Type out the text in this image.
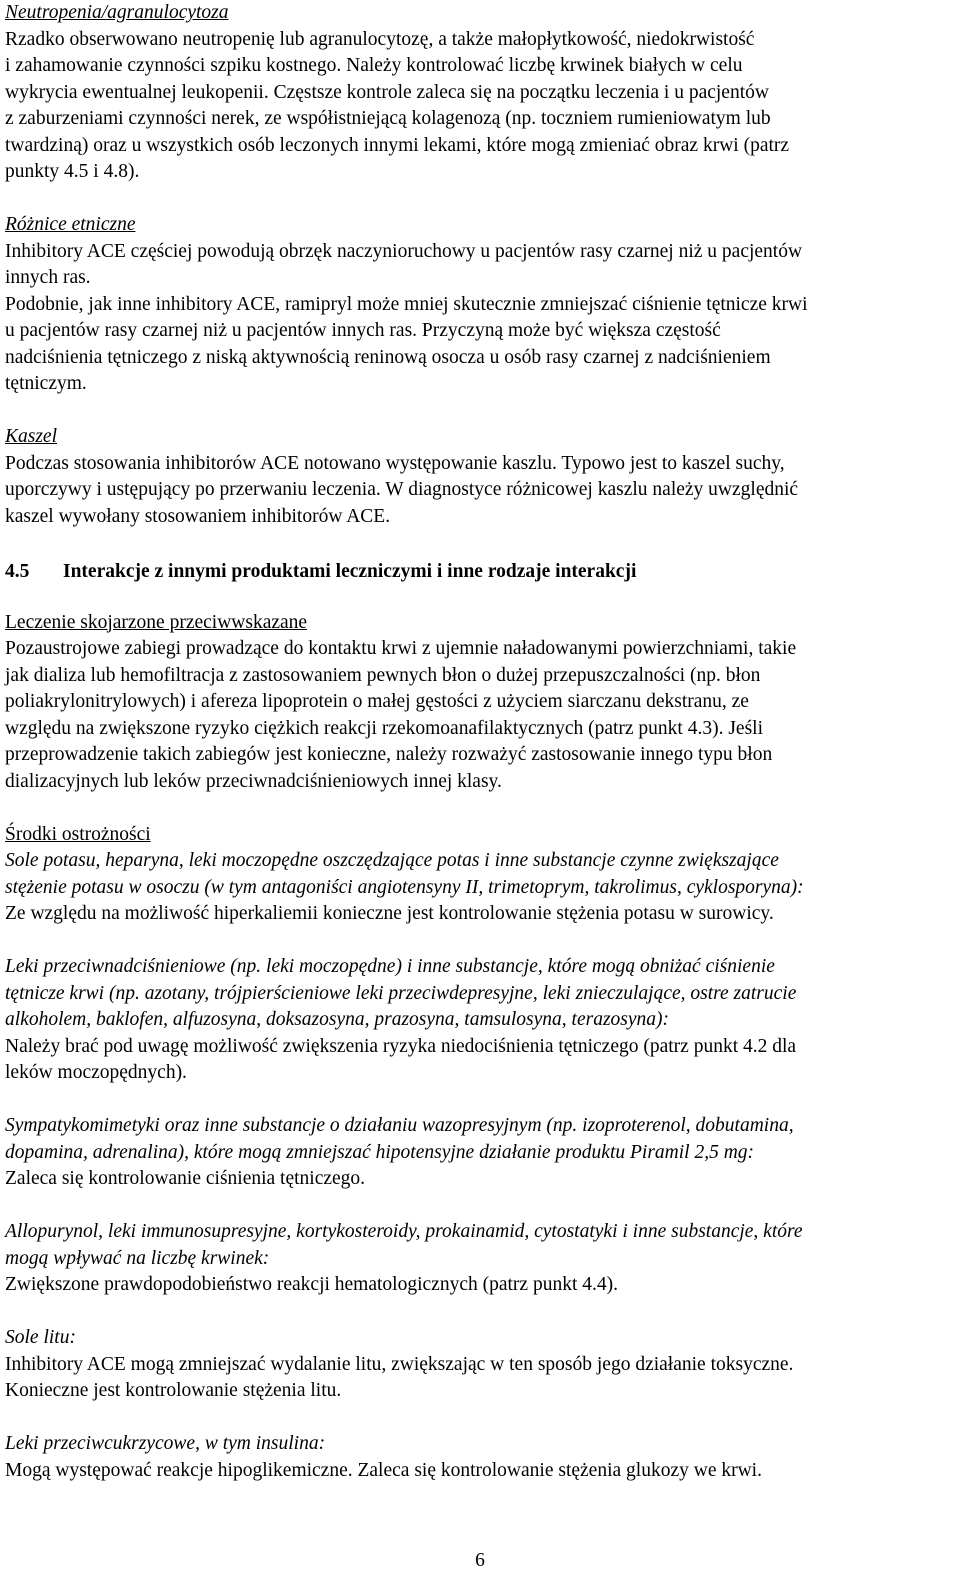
Neutropenia/agranulocytoza
Rzadko obserwowano neutropenię lub agranulocytozę, a także małopłytkowość, niedokrwistość
i zahamowanie czynności szpiku kostnego. Należy kontrolować liczbę krwinek białych w celu
wykrycia ewentualnej leukopenii. Częstsze kontrole zaleca się na początku leczenia i u pacjentów
z zaburzeniami czynności nerek, ze współistniejącą kolagenozą (np. toczniem rumieniowatym lub
twardziną) oraz u wszystkich osób leczonych innymi lekami, które mogą zmieniać obraz krwi (patrz
punkty 4.5 i 4.8).
Różnice etniczne
Inhibitory ACE częściej powodują obrzęk naczynioruchowy u pacjentów rasy czarnej niż u pacjentów
innych ras.
Podobnie, jak inne inhibitory ACE, ramipryl może mniej skutecznie zmniejszać ciśnienie tętnicze krwi
u pacjentów rasy czarnej niż u pacjentów innych ras. Przyczyną może być większa częstość
nadciśnienia tętniczego z niską aktywnością reninową osocza u osób rasy czarnej z nadciśnieniem
tętniczym.
Kaszel
Podczas stosowania inhibitorów ACE notowano występowanie kaszlu. Typowo jest to kaszel suchy,
uporczywy i ustępujący po przerwaniu leczenia. W diagnostyce różnicowej kaszlu należy uwzględnić
kaszel wywołany stosowaniem inhibitorów ACE.
4.5 Interakcje z innymi produktami leczniczymi i inne rodzaje interakcji
Leczenie skojarzone przeciwwskazane
Pozaustrojowe zabiegi prowadzące do kontaktu krwi z ujemnie naładowanymi powierzchniami, takie
jak dializa lub hemofiltracja z zastosowaniem pewnych błon o dużej przepuszczalności (np. błon
poliakrylonitrylowych) i afereza lipoprotein o małej gęstości z użyciem siarczanu dekstranu, ze
względu na zwiększone ryzyko ciężkich reakcji rzekomoanafilaktycznych (patrz punkt 4.3). Jeśli
przeprowadzenie takich zabiegów jest konieczne, należy rozważyć zastosowanie innego typu błon
dializacyjnych lub leków przeciwnadciśnieniowych innej klasy.
Środki ostrożności
Sole potasu, heparyna, leki moczopędne oszczędzające potas i inne substancje czynne zwiększające
stężenie potasu w osoczu (w tym antagoniści angiotensyny II, trimetoprym, takrolimus, cyklosporyna):
Ze względu na możliwość hiperkaliemii konieczne jest kontrolowanie stężenia potasu w surowicy.
Leki przeciwnadciśnieniowe (np. leki moczopędne) i inne substancje, które mogą obniżać ciśnienie
tętnicze krwi (np. azotany, trójpierścieniowe leki przeciwdepresyjne, leki znieczulające, ostre zatrucie
alkoholem, baklofen, alfuzosyna, doksazosyna, prazosyna, tamsulosyna, terazosyna):
Należy brać pod uwagę możliwość zwiększenia ryzyka niedociśnienia tętniczego (patrz punkt 4.2 dla
leków moczopędnych).
Sympatykomimetyki oraz inne substancje o działaniu wazopresyjnym (np. izoproterenol, dobutamina,
dopamina, adrenalina), które mogą zmniejszać hipotensyjne działanie produktu Piramil 2,5 mg:
Zaleca się kontrolowanie ciśnienia tętniczego.
Allopurynol, leki immunosupresyjne, kortykosteroidy, prokainamid, cytostatyki i inne substancje, które
mogą wpływać na liczbę krwinek:
Zwiększone prawdopodobieństwo reakcji hematologicznych (patrz punkt 4.4).
Sole litu:
Inhibitory ACE mogą zmniejszać wydalanie litu, zwiększając w ten sposób jego działanie toksyczne.
Konieczne jest kontrolowanie stężenia litu.
Leki przeciwcukrzycowe, w tym insulina:
Mogą występować reakcje hipoglikemiczne. Zaleca się kontrolowanie stężenia glukozy we krwi.
6
